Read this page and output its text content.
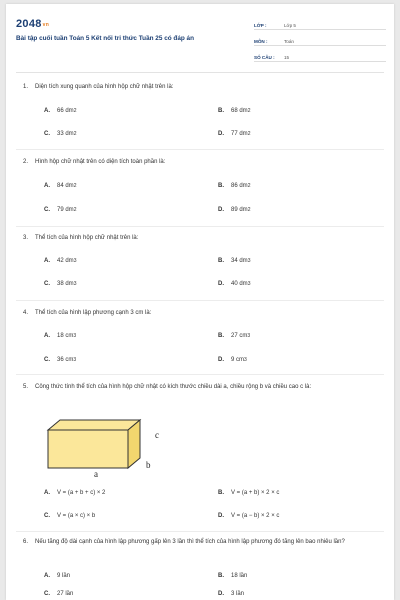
2048vn
Bài tập cuối tuần Toán 5 Kết nối tri thức Tuần 25 có đáp án
LỚP :	Lớp 5
MÔN :	Toán
SỐ CÂU :	15
1.	Diện tích xung quanh của hình hộp chữ nhật trên là:
A.	66 dm 2	B.	68 dm 2
C.	33 dm 2	D.	77 dm 2
2.	Hình hộp chữ nhật trên có diện tích toàn phần là:
A.	84 dm 2	B.	86 dm 2
C.	79 dm 2	D.	89 dm 2
3.	Thể tích của hình hộp chữ nhật trên là:
A.	42 dm 3	B.	34 dm 3
C.	38 dm 3	D.	40 dm 3
4.	Thể tích của hình lập phương cạnh 3 cm là:
A.	18 cm 3	B.	27 cm 3
C.	36 cm 3	D.	9 cm 3
5.	Công thức tính thể tích của hình hộp chữ nhật có kích thước chiều dài a, chiều rộng b và chiều cao c là:
c
b
a
A.	V = (a + b + c) × 2	B.	V = (a + b) × 2 × c
C.	V = (a × c) × b	D.	V = (a − b) × 2 × c
6.	Nếu tăng độ dài cạnh của hình lập phương gấp lên 3 lần thì thể tích của hình lập phương đó tăng lên bao nhiêu lần?
A.	9 lần	B.	18 lần
C.	27 lần	D.	3 lần
